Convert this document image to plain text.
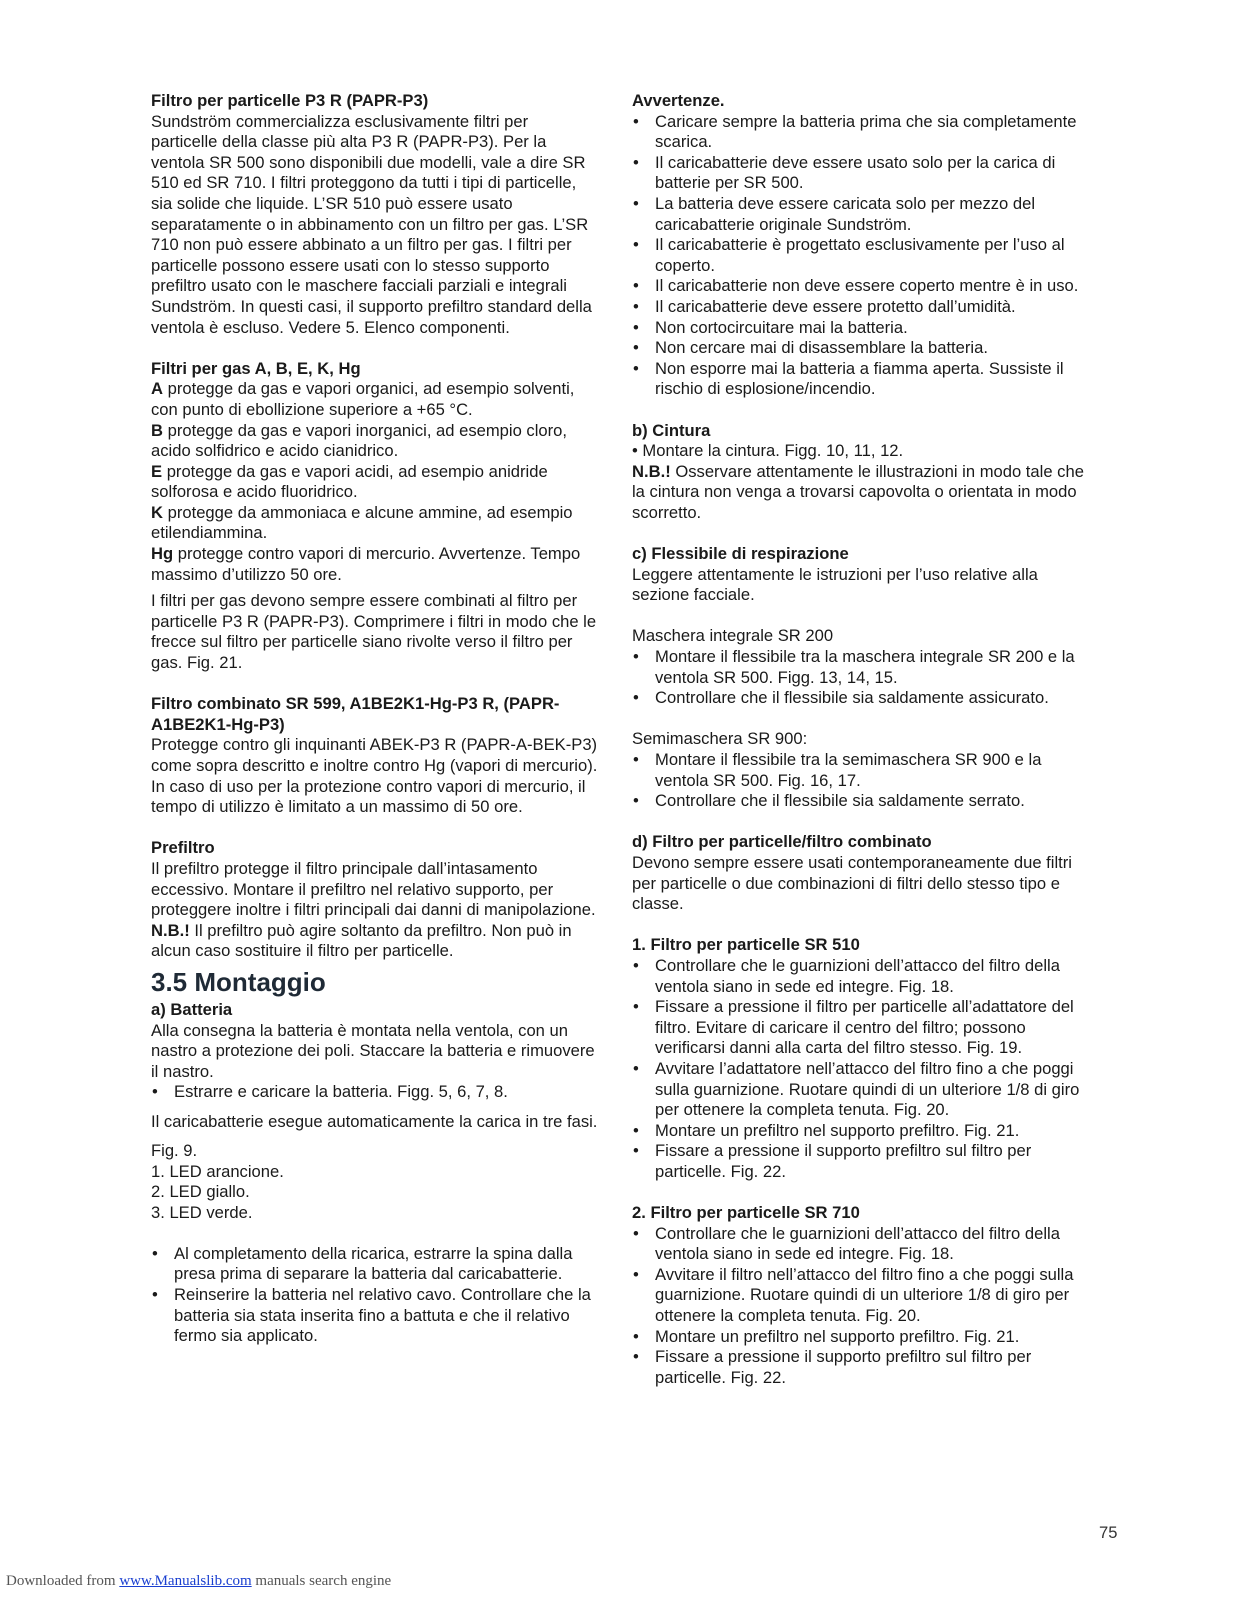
Filtro per particelle P3 R (PAPR-P3)

Sundström commercializza esclusivamente filtri per particelle della classe più alta P3 R (PAPR-P3). Per la ventola SR 500 sono disponibili due modelli, vale a dire SR 510 ed SR 710. I filtri proteggono da tutti i tipi di particelle, sia solide che liquide. L’SR 510 può essere usato separatamente o in abbinamento con un filtro per gas. L’SR 710 non può essere abbinato a un filtro per gas. I filtri per particelle possono essere usati con lo stesso supporto prefiltro usato con le maschere facciali parziali e integrali Sundström. In questi casi, il supporto prefiltro standard della ventola è escluso. Vedere 5. Elenco componenti.

Filtri per gas A, B, E, K, Hg

A protegge da gas e vapori organici, ad esempio solventi, con punto di ebollizione superiore a +65 °C.

B protegge da gas e vapori inorganici, ad esempio cloro, acido solfidrico e acido cianidrico.

E protegge da gas e vapori acidi, ad esempio anidride solforosa e acido fluoridrico.

K protegge da ammoniaca e alcune ammine, ad esempio etilendiammina.

Hg protegge contro vapori di mercurio. Avvertenze. Tempo massimo d’utilizzo 50 ore.

I filtri per gas devono sempre essere combinati al filtro per particelle P3 R (PAPR-P3). Comprimere i filtri in modo che le frecce sul filtro per particelle siano rivolte verso il filtro per gas. Fig. 21.

Filtro combinato SR 599, A1BE2K1-Hg-P3 R, (PAPR-A1BE2K1-Hg-P3)

Protegge contro gli inquinanti ABEK-P3 R (PAPR-A-BEK-P3) come sopra descritto e inoltre contro Hg (vapori di mercurio). In caso di uso per la protezione contro vapori di mercurio, il tempo di utilizzo è limitato a un massimo di 50 ore.

Prefiltro

Il prefiltro protegge il filtro principale dall’intasamento eccessivo. Montare il prefiltro nel relativo supporto, per proteggere inoltre i filtri principali dai danni di manipolazione.

N.B.! Il prefiltro può agire soltanto da prefiltro. Non può in alcun caso sostituire il filtro per particelle.

3.5 Montaggio

a) Batteria

Alla consegna la batteria è montata nella ventola, con un nastro a protezione dei poli. Staccare la batteria e rimuovere il nastro.

• Estrarre e caricare la batteria. Figg. 5, 6, 7, 8.

Il caricabatterie esegue automaticamente la carica in tre fasi.

Fig. 9.

1. LED arancione.

2. LED giallo.

3. LED verde.

• Al completamento della ricarica, estrarre la spina dalla presa prima di separare la batteria dal caricabatterie.
• Reinserire la batteria nel relativo cavo. Controllare che la batteria sia stata inserita fino a battuta e che il relativo fermo sia applicato.

Avvertenze.

• Caricare sempre la batteria prima che sia completamente scarica.
• Il caricabatterie deve essere usato solo per la carica di batterie per SR 500.
• La batteria deve essere caricata solo per mezzo del caricabatterie originale Sundström.
• Il caricabatterie è progettato esclusivamente per l’uso al coperto.
• Il caricabatterie non deve essere coperto mentre è in uso.
• Il caricabatterie deve essere protetto dall’umidità.
• Non cortocircuitare mai la batteria.
• Non cercare mai di disassemblare la batteria.
• Non esporre mai la batteria a fiamma aperta. Sussiste il rischio di esplosione/incendio.

b) Cintura

• Montare la cintura. Figg. 10, 11, 12.

N.B.! Osservare attentamente le illustrazioni in modo tale che la cintura non venga a trovarsi capovolta o orientata in modo scorretto.

c) Flessibile di respirazione

Leggere attentamente le istruzioni per l’uso relative alla sezione facciale.

Maschera integrale SR 200

• Montare il flessibile tra la maschera integrale SR 200 e la ventola SR 500. Figg. 13, 14, 15.
• Controllare che il flessibile sia saldamente assicurato.

Semimaschera SR 900:

• Montare il flessibile tra la semimaschera SR 900 e la ventola SR 500. Fig. 16, 17.
• Controllare che il flessibile sia saldamente serrato.

d) Filtro per particelle/filtro combinato

Devono sempre essere usati contemporaneamente due filtri per particelle o due combinazioni di filtri dello stesso tipo e classe.

1. Filtro per particelle SR 510

• Controllare che le guarnizioni dell’attacco del filtro della ventola siano in sede ed integre. Fig. 18.
• Fissare a pressione il filtro per particelle all’adattatore del filtro. Evitare di caricare il centro del filtro; possono verificarsi danni alla carta del filtro stesso. Fig. 19.
• Avvitare l’adattatore nell’attacco del filtro fino a che poggi sulla guarnizione. Ruotare quindi di un ulteriore 1/8 di giro per ottenere la completa tenuta. Fig. 20.
• Montare un prefiltro nel supporto prefiltro. Fig. 21.
• Fissare a pressione il supporto prefiltro sul filtro per particelle. Fig. 22.

2. Filtro per particelle SR 710

• Controllare che le guarnizioni dell’attacco del filtro della ventola siano in sede ed integre. Fig. 18.
• Avvitare il filtro nell’attacco del filtro fino a che poggi sulla guarnizione. Ruotare quindi di un ulteriore 1/8 di giro per ottenere la completa tenuta. Fig. 20.
• Montare un prefiltro nel supporto prefiltro. Fig. 21.
• Fissare a pressione il supporto prefiltro sul filtro per particelle. Fig. 22.
75
Downloaded from www.Manualslib.com manuals search engine
